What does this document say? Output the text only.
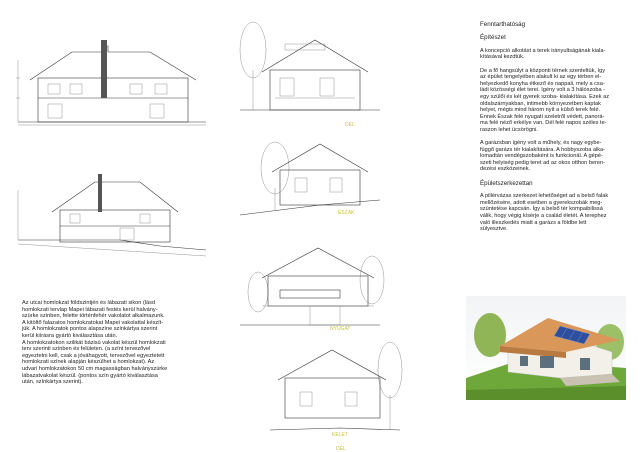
DÉL
ÉSZAK
NYUGAT
KELET
DÉL

Az utcai homlokzat földszintjén és lábazati sikon (lásd

homlokzati tervlap Mapei lábazati festés kerül halvány-

szürke színben, felette történfehér vakolatot alkalmazunk.

A kitöltő falazatos homlokzatokat Mapei vakolattal készít-

jük. A homlokzatok pontos alapszíne színkártya szerint

kerül kiírásra gyártó kiválasztása után.

A homlokzatokon szilikát bázisú vakolat készül homlokzati

terv szerinti színben és felületen. (a színt tervezővel

egyeztetni kell, csak a jóváhagyott, tervezővel egyeztetett

homlokzati színek alapján készülhet a homlokzat). Az

udvari homlokzatokon 50 cm magasságban halványszürke

lábazatvakolat készül. (pontos szín gyártó kiválasztása

után, színkártya szerint).

Fenntarthatóság

Építészet

A koncepció alkotást a terek irányultságának kiala-
kításával kezdtük.

De a fő hangsúlyt a központi térnek szenteltük, így
az épület tengelyében alakult ki az egy térben el-
helyezkedő konyha étkező és nappali, mely a csa-
ládi közösségi élet terei. Igény volt a 3 hálószoba -
egy szülői és két gyerek szoba- kialakítása. Ezek az
oldalszárnyakban, intimebb környezetben kaptak
helyet, mégis mind három nyít a külső terek felé.
Ennek Észak felé nyugati szeletről védett, panorá-
ma felé néző erkélye van. Dél felé napos széles te-
raszon lehet ücsörögni.

A garázsban igény volt a műhely, és nagy egybe-
függő garázs tér kialakítására. A hobbyszoba alka-
lomadtán vendégszobaként is funkcionál. A gépé-
szeti helyiség pedig teret ad az okos otthon beren-
dezési eszközeinek.

Épületszerkezettan

A pillérvázas szerkezet lehetőséget ad a belső falak
mellőzésére, adott esetben a gyerekszobák meg-
szüntetése kapcsán. Így a belső tér kompaibilissá
válik, hogy végig kísérje a család életét. A terephez
való illeszkedés miatt a garázs a földbe lett
sülyesztve.
